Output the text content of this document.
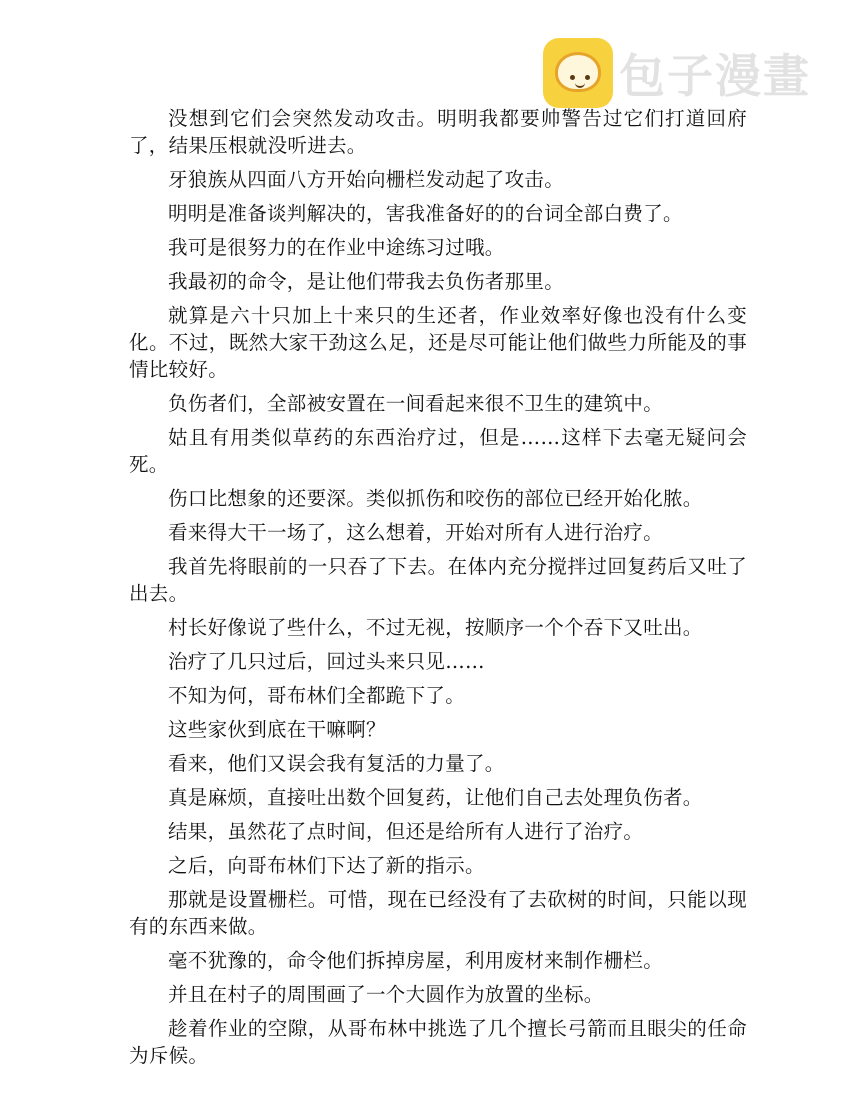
包子漫畫

没想到它们会突然发动攻击。明明我都要帅警告过它们打道回府了，结果压根就没听进去。

牙狼族从四面八方开始向栅栏发动起了攻击。

明明是准备谈判解决的，害我准备好的的台词全部白费了。

我可是很努力的在作业中途练习过哦。

我最初的命令，是让他们带我去负伤者那里。

就算是六十只加上十来只的生还者，作业效率好像也没有什么变化。不过，既然大家干劲这么足，还是尽可能让他们做些力所能及的事情比较好。

负伤者们，全部被安置在一间看起来很不卫生的建筑中。

姑且有用类似草药的东西治疗过，但是……这样下去毫无疑问会死。

伤口比想象的还要深。类似抓伤和咬伤的部位已经开始化脓。

看来得大干一场了，这么想着，开始对所有人进行治疗。

我首先将眼前的一只吞了下去。在体内充分搅拌过回复药后又吐了出去。

村长好像说了些什么，不过无视，按顺序一个个吞下又吐出。

治疗了几只过后，回过头来只见……

不知为何，哥布林们全都跪下了。

这些家伙到底在干嘛啊？

看来，他们又误会我有复活的力量了。

真是麻烦，直接吐出数个回复药，让他们自己去处理负伤者。

结果，虽然花了点时间，但还是给所有人进行了治疗。

之后，向哥布林们下达了新的指示。

那就是设置栅栏。可惜，现在已经没有了去砍树的时间，只能以现有的东西来做。

毫不犹豫的，命令他们拆掉房屋，利用废材来制作栅栏。

并且在村子的周围画了一个大圆作为放置的坐标。

趁着作业的空隙，从哥布林中挑选了几个擅长弓箭而且眼尖的任命为斥候。
